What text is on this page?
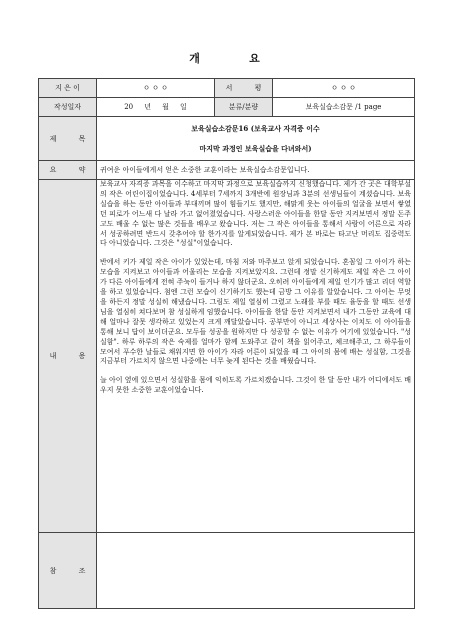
개          요
지 은 이	ㅇ ㅇ ㅇ	서          평	ㅇ ㅇ ㅇ
작성일자	20     년     월     일	분류/분량	보육실습소감문 /1 page
제          목	보육실습소감문16 (보육교사 자격증 이수
마지막 과정인 보육실습을 다녀와서)		

요          약	귀여운 아이들에게서 얻은 소중한 교훈이라는 보육실습소감문입니다.		
내          용	보육교사 자격증 과목을 이수하고 마지막 과정으로 보육실습까지 신청했습니다. 제가 간 곳은 대학부설의 작은 어린이집이었습니다. 4세부터 7세까지 3개반에 원장님과 3분의 선생님들이 계셨습니다. 보육실습을 하는 동안 아이들과 부대끼며 많이 힘들기도 했지만, 해맑게 웃는 아이들의 얼굴을 보면서 쌓였던 피로가 어느새 다 날라 가고 없어졌었습니다. 사랑스러운 아이들을 한달 동안 지켜보면서 정말 돈주고도 배울 수 없는 많은 것들을 배우고 왔습니다. 저는 그 작은 아이들을 통해서 사람이 어른으로 자라서 성공하려면 반드시 갖추어야 할 한가지를 알게되었습니다. 제가 본 바로는 타고난 머리도 집중력도 다 아니었습니다. 그것은 "성실"이었습니다.

반에서 키가 제일 작은 아이가 있었는데, 마침 저와 마주보고 앉게 되었습니다. 혼꼼일 그 아이가 하는 모습을 지켜보고 아이들과 어울리는 모습을 지켜보았지요. 그런데 정말 신기하게도 제일 작은 그 아이가 다른 아이들에게 전혀 주눅이 들거나 하지 않더군요. 오히려 아이들에게 제일 인기가 많고 리더 역할을 하고 있었습니다. 첨엔 그런 모습이 신기하기도 했는데 금방 그 이유를 알았습니다. 그 아이는 무엇을 하든지 정말 성실히 해냈습니다. 그림도 제일 열심히 그렸고 노래를 부를 때도 율동을 할 때도 선생님을 열심히 쳐다보며 참 성실하게 임했습니다. 아이들을 한달 동안 지켜보면서 내가 그동안 교육에 대해 얼마나 잘못 생각하고 있었는지 크게 깨달았습니다. 공부만이 아니고 세상사는 이치도 이 아이들을 통해 보니 답이 보이더군요. 모두들 성공을 원하지만 다 성공할 수 없는 이유가 여기에 있었습니다. "성실함". 하루 하루의 작은 숙제를 얼마가 함께 도와주고 같이 책을 읽어주고, 체크해주고, 그 하루들이 모여서 푸수한 날들로 채워지면 한 아이가 자라 어른이 되었을 때 그 아이의 몸에 배는 성실함, 그것을 지금부터 가르치지 않으면 나중에는 너무 늦게 된다는 것을 배웠습니다.

늘 아이 옆에 있으면서 성실함을 몸에 익히도록 가르치겠습니다. 그것이 한 달 동안 내가 어디에서도 배우지 못한 소중한 교훈이었습니다.		

참          조			
